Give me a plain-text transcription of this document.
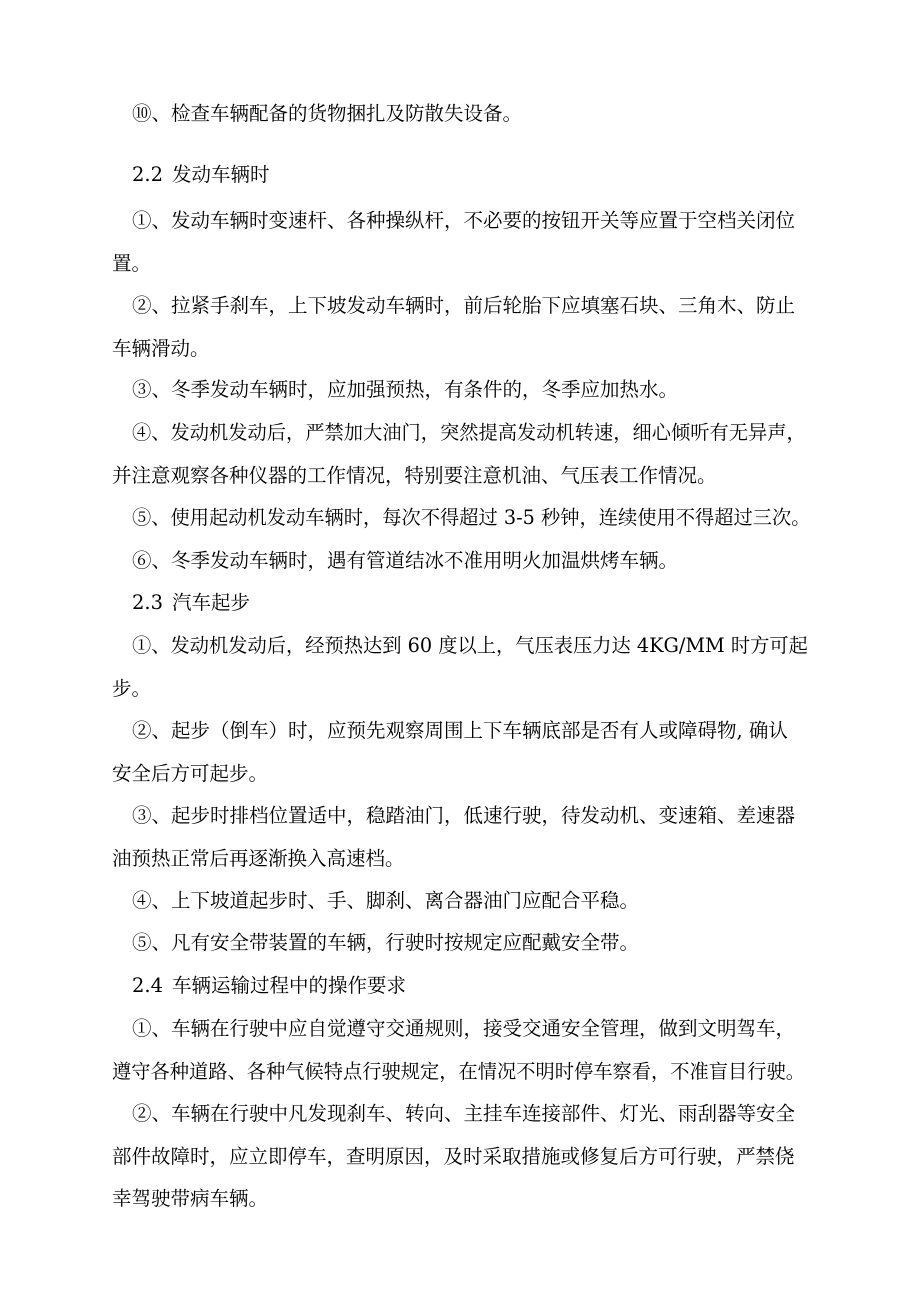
⑩、检查车辆配备的货物捆扎及防散失设备。
2.2 发动车辆时
①、发动车辆时变速杆、各种操纵杆，不必要的按钮开关等应置于空档关闭位
置。
②、拉紧手刹车，上下坡发动车辆时，前后轮胎下应填塞石块、三角木、防止
车辆滑动。
③、冬季发动车辆时，应加强预热，有条件的，冬季应加热水。
④、发动机发动后，严禁加大油门，突然提高发动机转速，细心倾听有无异声，
并注意观察各种仪器的工作情况，特别要注意机油、气压表工作情况。
⑤、使用起动机发动车辆时，每次不得超过 3-5 秒钟，连续使用不得超过三次。
⑥、冬季发动车辆时，遇有管道结冰不准用明火加温烘烤车辆。
2.3 汽车起步
①、发动机发动后，经预热达到 60 度以上，气压表压力达 4KG/MM 时方可起
步。
②、起步（倒车）时，应预先观察周围上下车辆底部是否有人或障碍物, 确认
安全后方可起步。
③、起步时排档位置适中，稳踏油门，低速行驶，待发动机、变速箱、差速器
油预热正常后再逐渐换入高速档。
④、上下坡道起步时、手、脚刹、离合器油门应配合平稳。
⑤、凡有安全带装置的车辆，行驶时按规定应配戴安全带。
2.4 车辆运输过程中的操作要求
①、车辆在行驶中应自觉遵守交通规则，接受交通安全管理，做到文明驾车，
遵守各种道路、各种气候特点行驶规定，在情况不明时停车察看，不准盲目行驶。
②、车辆在行驶中凡发现刹车、转向、主挂车连接部件、灯光、雨刮器等安全
部件故障时，应立即停车，查明原因，及时采取措施或修复后方可行驶，严禁侥
幸驾驶带病车辆。
